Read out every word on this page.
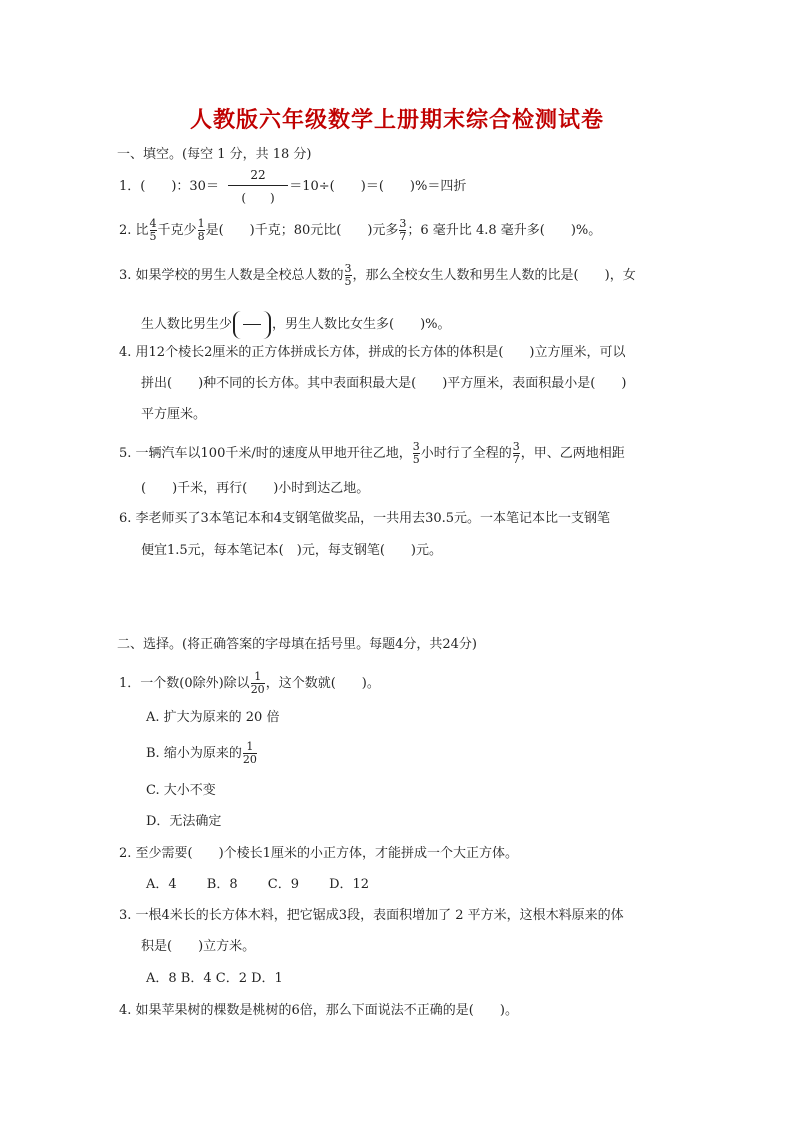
人教版六年级数学上册期末综合检测试卷
一、填空。(每空 1 分，共 18 分)
1．(　　)：30＝	＝10÷(　　)＝(　　)%＝四折
22
(　　)
2. 比 $\frac{4}{5}$ 千克少 $\frac{1}{8}$ 是(　　)千克；80元比(　　)元多 $\frac{3}{7}$ ；6 毫升比 4.8 毫升多(　　)%。
3. 如果学校的男生人数是全校总人数的 $\frac{3}{5}$ ，那么全校女生人数和男生人数的比是(　　)，女
生人数比男生少	，男生人数比女生多(　　)%。
4. 用12个棱长2厘米的正方体拼成长方体，拼成的长方体的体积是(　　)立方厘米，可以
拼出(　　)种不同的长方体。其中表面积最大是(　　)平方厘米，表面积最小是(　　)
平方厘米。
5. 一辆汽车以100千米/时的速度从甲地开往乙地， $\frac{3}{5}$ 小时行了全程的 $\frac{3}{7}$ ，甲、乙两地相距
(　　)千米，再行(　　)小时到达乙地。
6. 李老师买了3本笔记本和4支钢笔做奖品，一共用去30.5元。一本笔记本比一支钢笔
便宜1.5元，每本笔记本(　)元，每支钢笔(　　)元。
二、选择。(将正确答案的字母填在括号里。每题4分，共24分)
1．一个数(0除外)除以 $\frac{1}{20}$ ，这个数就(　　)。
A. 扩大为原来的 20 倍
B. 缩小为原来的 $\frac{1}{20}$
C. 大小不变
D．无法确定
2. 至少需要(　　)个棱长1厘米的小正方体，才能拼成一个大正方体。
A．4　　 B．8　　 C．9　　 D．12
3. 一根4米长的长方体木料，把它锯成3段，表面积增加了 2 平方米，这根木料原来的体
积是(　　)立方米。
A．8 B．4 C．2 D．1
4. 如果苹果树的棵数是桃树的6倍，那么下面说法不正确的是(　　)。
